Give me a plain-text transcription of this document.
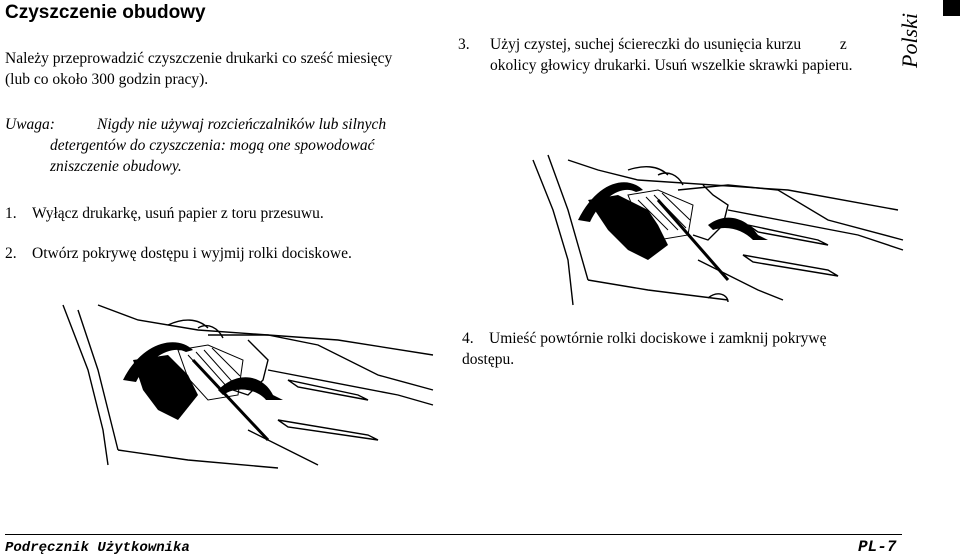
Czyszczenie obudowy
Polski
Należy przeprowadzić czyszczenie drukarki co sześć miesięcy
(lub co około 300 godzin pracy).
3. Użyj czystej, suchej ściereczki do usunięcia kurzu          z
okolicy głowicy drukarki. Usuń wszelkie skrawki papieru.
Uwaga:	Nigdy nie używaj rozcieńczalników lub silnych
detergentów do czyszczenia: mogą one spowodować
zniszczenie obudowy.
1. Wyłącz drukarkę, usuń papier z toru przesuwu.
2. Otwórz pokrywę dostępu i wyjmij rolki dociskowe.
4. Umieść powtórnie rolki dociskowe i zamknij pokrywę
dostępu.
Podręcznik Użytkownika	PL-7
